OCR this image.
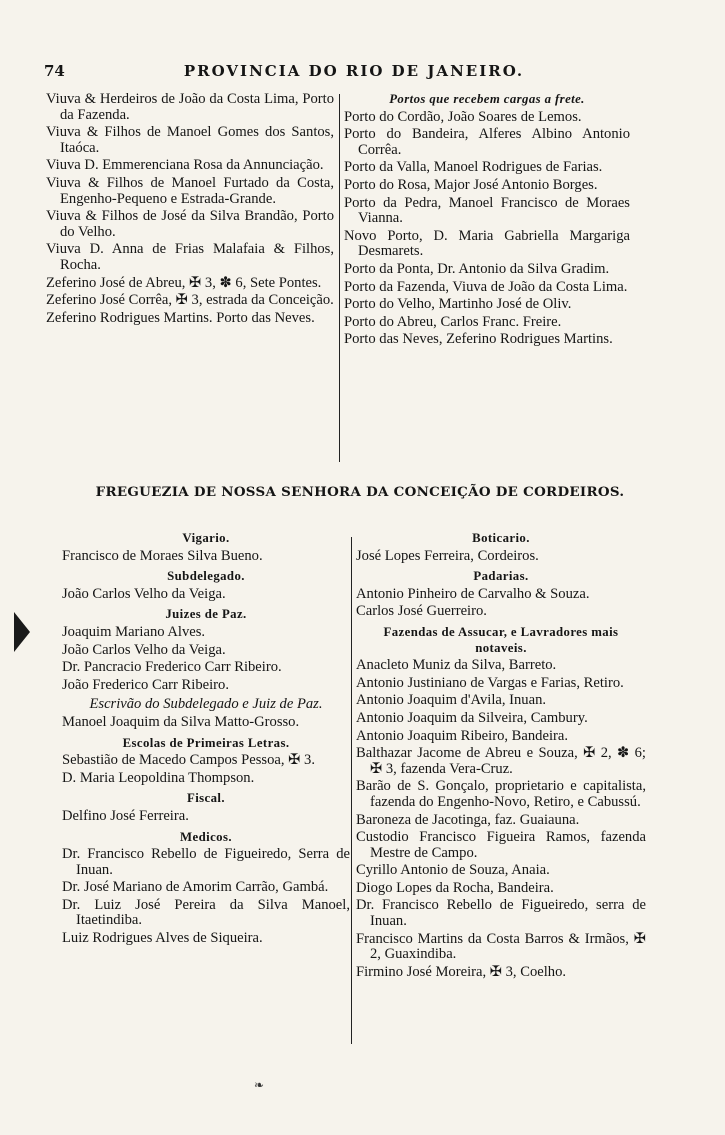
74	PROVINCIA DO RIO DE JANEIRO.
Viuva & Herdeiros de João da Costa Lima, Porto da Fazenda.
Viuva & Filhos de Manoel Gomes dos Santos, Itaóca.
Viuva D. Emmerenciana Rosa da Annunciação.
Viuva & Filhos de Manoel Furtado da Costa, Engenho-Pequeno e Estrada-Grande.
Viuva & Filhos de José da Silva Brandão, Porto do Velho.
Viuva D. Anna de Frias Malafaia & Filhos, Rocha.
Zeferino José de Abreu, ✠ 3, ✽ 6, Sete Pontes.
Zeferino José Corrêa, ✠ 3, estrada da Conceição.
Zeferino Rodrigues Martins. Porto das Neves.
Portos que recebem cargas a frete.
Porto do Cordão, João Soares de Lemos.
Porto do Bandeira, Alferes Albino Antonio Corrêa.
Porto da Valla, Manoel Rodrigues de Farias.
Porto do Rosa, Major José Antonio Borges.
Porto da Pedra, Manoel Francisco de Moraes Vianna.
Novo Porto, D. Maria Gabriella Margariga Desmarets.
Porto da Ponta, Dr. Antonio da Silva Gradim.
Porto da Fazenda, Viuva de João da Costa Lima.
Porto do Velho, Martinho José de Oliv.
Porto do Abreu, Carlos Franc. Freire.
Porto das Neves, Zeferino Rodrigues Martins.
FREGUEZIA DE NOSSA SENHORA DA CONCEIÇÃO DE CORDEIROS.
Vigario.
Francisco de Moraes Silva Bueno.
Subdelegado.
João Carlos Velho da Veiga.
Juizes de Paz.
Joaquim Mariano Alves.
João Carlos Velho da Veiga.
Dr. Pancracio Frederico Carr Ribeiro.
João Frederico Carr Ribeiro.
Escrivão do Subdelegado e Juiz de Paz.
Manoel Joaquim da Silva Matto-Grosso.
Escolas de Primeiras Letras.
Sebastião de Macedo Campos Pessoa, ✠ 3.
D. Maria Leopoldina Thompson.
Fiscal.
Delfino José Ferreira.
Medicos.
Dr. Francisco Rebello de Figueiredo, Serra de Inuan.
Dr. José Mariano de Amorim Carrão, Gambá.
Dr. Luiz José Pereira da Silva Manoel, Itaetindiba.
Luiz Rodrigues Alves de Siqueira.
Boticario.
José Lopes Ferreira, Cordeiros.
Padarias.
Antonio Pinheiro de Carvalho & Souza.
Carlos José Guerreiro.
Fazendas de Assucar, e Lavradores mais notaveis.
Anacleto Muniz da Silva, Barreto.
Antonio Justiniano de Vargas e Farias, Retiro.
Antonio Joaquim d'Avila, Inuan.
Antonio Joaquim da Silveira, Cambury.
Antonio Joaquim Ribeiro, Bandeira.
Balthazar Jacome de Abreu e Souza, ✠ 2, ✽ 6; ✠ 3, fazenda Vera-Cruz.
Barão de S. Gonçalo, proprietario e capitalista, fazenda do Engenho-Novo, Retiro, e Cabussú.
Baroneza de Jacotinga, faz. Guaiauna.
Custodio Francisco Figueira Ramos, fazenda Mestre de Campo.
Cyrillo Antonio de Souza, Anaia.
Diogo Lopes da Rocha, Bandeira.
Dr. Francisco Rebello de Figueiredo, serra de Inuan.
Francisco Martins da Costa Barros & Irmãos, ✠ 2, Guaxindiba.
Firmino José Moreira, ✠ 3, Coelho.
❧
